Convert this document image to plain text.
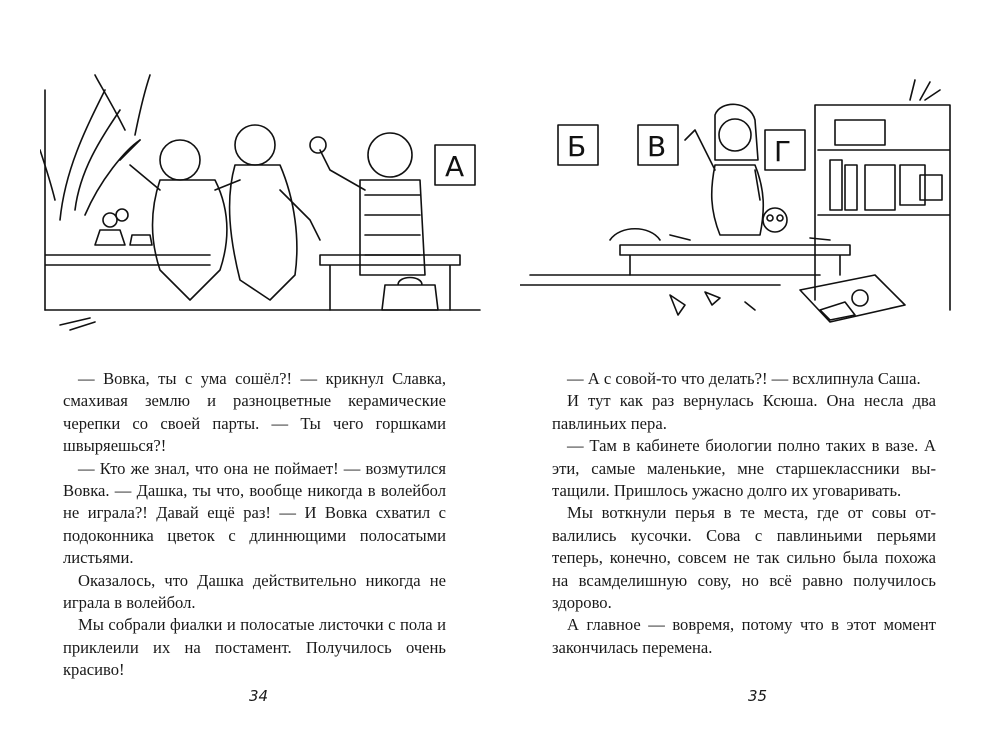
А

— Вовка, ты с ума сошёл?! — крикнул Славка, смахивая землю и разноцветные керамические черепки со своей парты. — Ты чего горшками швыряешься?!

— Кто же знал, что она не поймает! — возмутился Вовка. — Дашка, ты что, вообще никогда в волейбол не играла?! Давай ещё раз! — И Вовка схватил с подоконника цветок с длиннющими полосатыми листьями.

Оказалось, что Дашка действительно никогда не играла в волейбол.

Мы собрали фиалки и полосатые листочки с пола и приклеили их на постамент. Получилось очень красиво!

34
Б В	Г

— А с совой-то что делать?! — всхлипнула Саша.

И тут как раз вернулась Ксюша. Она несла два павлиньих пера.

— Там в кабинете биологии полно таких в вазе. А эти, самые маленькие, мне старшеклассники вытащили. Пришлось ужасно долго их уговаривать.

Мы воткнули перья в те места, где от совы отвалились кусочки. Сова с павлиньими перьями теперь, конечно, совсем не так сильно была похожа на всамделишную сову, но всё равно получилось здорово.

А главное — вовремя, потому что в этот момент закончилась перемена.

35
